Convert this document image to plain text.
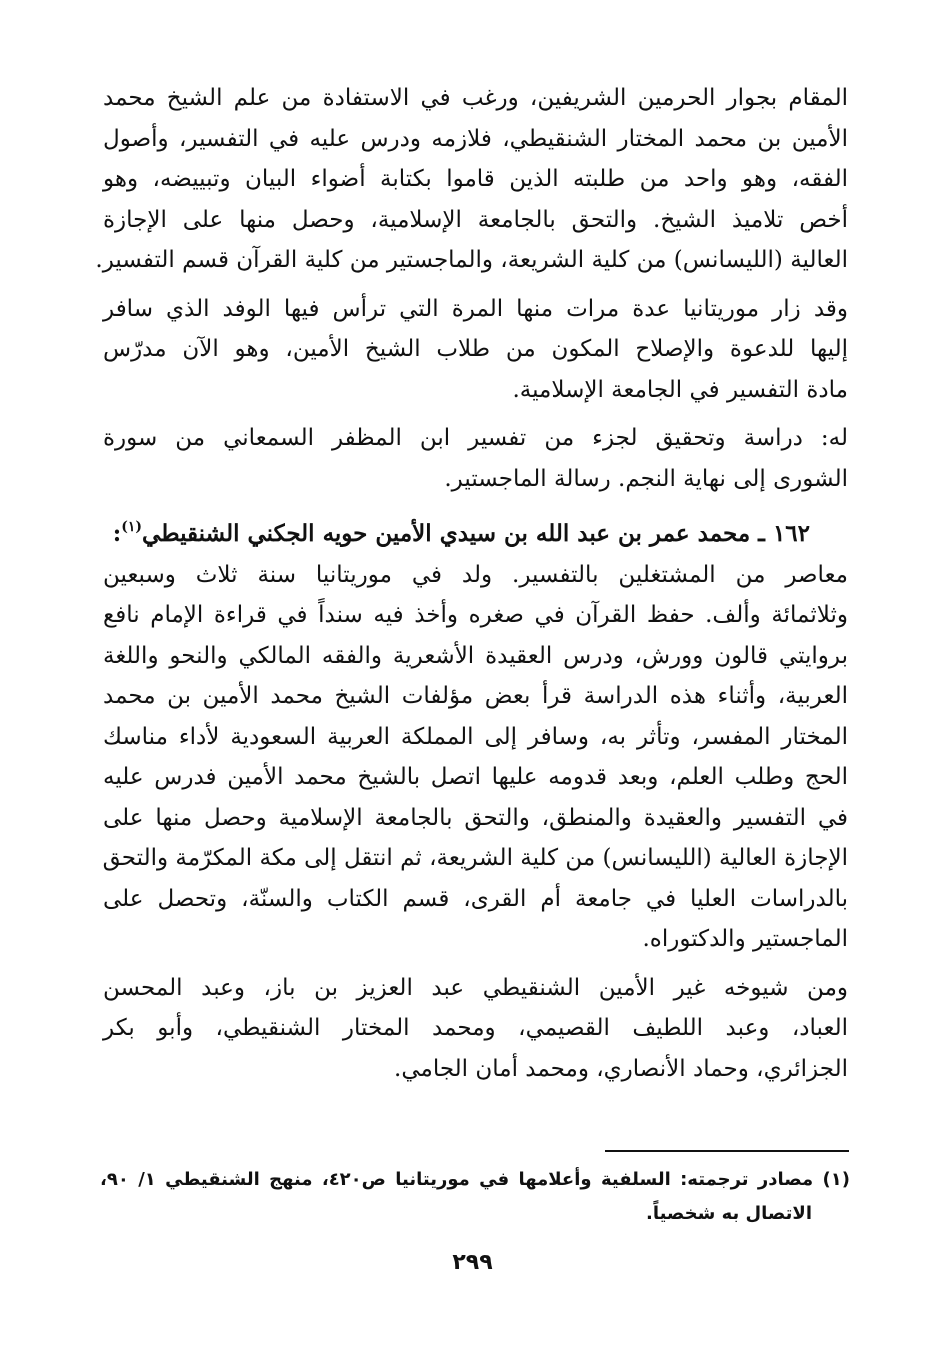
المقام بجوار الحرمين الشريفين، ورغب في الاستفادة من علم الشيخ محمد
الأمين بن محمد المختار الشنقيطي، فلازمه ودرس عليه في التفسير، وأصول
الفقه، وهو واحد من طلبته الذين قاموا بكتابة أضواء البيان وتبييضه، وهو
أخص تلاميذ الشيخ. والتحق بالجامعة الإسلامية، وحصل منها على الإجازة
العالية (الليسانس) من كلية الشريعة، والماجستير من كلية القرآن قسم التفسير.
وقد زار موريتانيا عدة مرات منها المرة التي ترأس فيها الوفد الذي سافر
إليها للدعوة والإصلاح المكون من طلاب الشيخ الأمين، وهو الآن مدرّس
مادة التفسير في الجامعة الإسلامية.
له: دراسة وتحقيق لجزء من تفسير ابن المظفر السمعاني من سورة
الشورى إلى نهاية النجم. رسالة الماجستير.

١٦٢ ـ محمد عمر بن عبد الله بن سيدي الأمين حويه الجكني الشنقيطي$^{(١)}$:

معاصر من المشتغلين بالتفسير. ولد في موريتانيا سنة ثلاث وسبعين
وثلاثمائة وألف. حفظ القرآن في صغره وأخذ فيه سنداً في قراءة الإمام نافع
بروايتي قالون وورش، ودرس العقيدة الأشعرية والفقه المالكي والنحو واللغة
العربية، وأثناء هذه الدراسة قرأ بعض مؤلفات الشيخ محمد الأمين بن محمد
المختار المفسر، وتأثر به، وسافر إلى المملكة العربية السعودية لأداء مناسك
الحج وطلب العلم، وبعد قدومه عليها اتصل بالشيخ محمد الأمين فدرس عليه
في التفسير والعقيدة والمنطق، والتحق بالجامعة الإسلامية وحصل منها على
الإجازة العالية (الليسانس) من كلية الشريعة، ثم انتقل إلى مكة المكرّمة والتحق
بالدراسات العليا في جامعة أم القرى، قسم الكتاب والسنّة، وتحصل على
الماجستير والدكتوراه.
ومن شيوخه غير الأمين الشنقيطي عبد العزيز بن باز، وعبد المحسن
العباد، وعبد اللطيف القصيمي، ومحمد المختار الشنقيطي، وأبو بكر
الجزائري، وحماد الأنصاري، ومحمد أمان الجامي.
(١) مصادر ترجمته: السلفية وأعلامها في موريتانيا ص٤٢٠، منهج الشنقيطي ١/ ٩٠،
الاتصال به شخصياً.
٢٩٩
